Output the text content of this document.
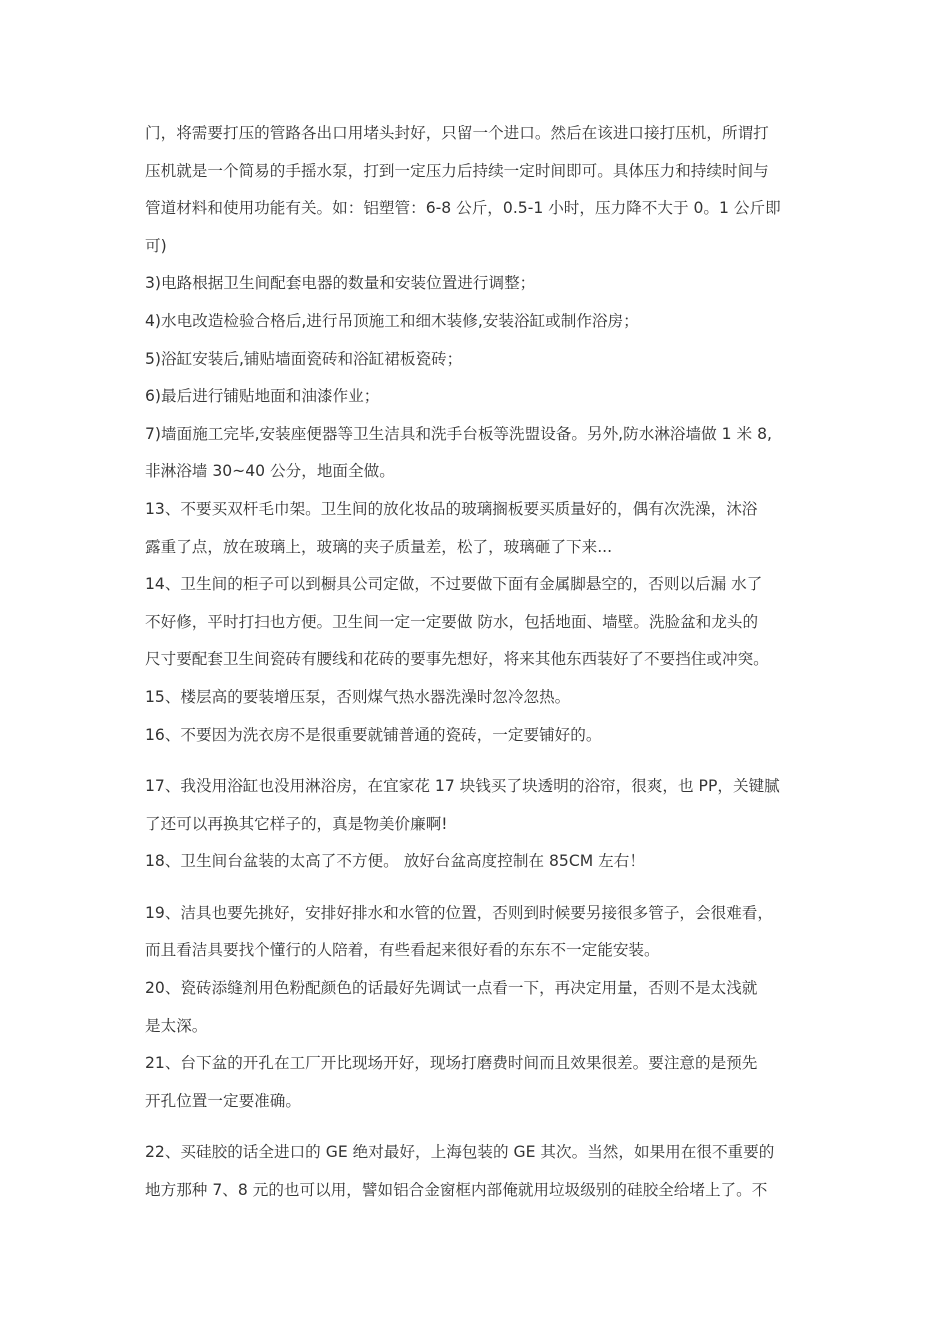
门，将需要打压的管路各出口用堵头封好，只留一个进口。然后在该进口接打压机，所谓打
压机就是一个简易的手摇水泵，打到一定压力后持续一定时间即可。具体压力和持续时间与
管道材料和使用功能有关。如：铝塑管：6-8 公斤，0.5-1 小时，压力降不大于 0。1 公斤即
可)
3)电路根据卫生间配套电器的数量和安装位置进行调整；
4)水电改造检验合格后,进行吊顶施工和细木装修,安装浴缸或制作浴房；
5)浴缸安装后,铺贴墙面瓷砖和浴缸裙板瓷砖；
6)最后进行铺贴地面和油漆作业；
7)墙面施工完毕,安装座便器等卫生洁具和洗手台板等洗盟设备。另外,防水淋浴墙做 1 米 8,
非淋浴墙 30~40 公分，地面全做。
13、不要买双杆毛巾架。卫生间的放化妆品的玻璃搁板要买质量好的，偶有次洗澡，沐浴
露重了点，放在玻璃上，玻璃的夹子质量差，松了，玻璃砸了下来...
14、卫生间的柜子可以到橱具公司定做，不过要做下面有金属脚悬空的，否则以后漏 水了
不好修，平时打扫也方便。卫生间一定一定要做 防水，包括地面、墙壁。洗脸盆和龙头的
尺寸要配套卫生间瓷砖有腰线和花砖的要事先想好，将来其他东西装好了不要挡住或冲突。
15、楼层高的要装增压泵，否则煤气热水器洗澡时忽冷忽热。
16、不要因为洗衣房不是很重要就铺普通的瓷砖，一定要铺好的。
17、我没用浴缸也没用淋浴房，在宜家花 17 块钱买了块透明的浴帘，很爽，也 PP，关键腻
了还可以再换其它样子的，真是物美价廉啊!
18、卫生间台盆装的太高了不方便。 放好台盆高度控制在 85CM 左右！
19、洁具也要先挑好，安排好排水和水管的位置，否则到时候要另接很多管子，会很难看，
而且看洁具要找个懂行的人陪着，有些看起来很好看的东东不一定能安装。
20、瓷砖添缝剂用色粉配颜色的话最好先调试一点看一下，再决定用量，否则不是太浅就
是太深。
21、台下盆的开孔在工厂开比现场开好，现场打磨费时间而且效果很差。要注意的是预先
开孔位置一定要准确。
22、买硅胶的话全进口的 GE 绝对最好，上海包装的 GE 其次。当然，如果用在很不重要的
地方那种 7、8 元的也可以用，譬如铝合金窗框内部俺就用垃圾级别的硅胶全给堵上了。不
